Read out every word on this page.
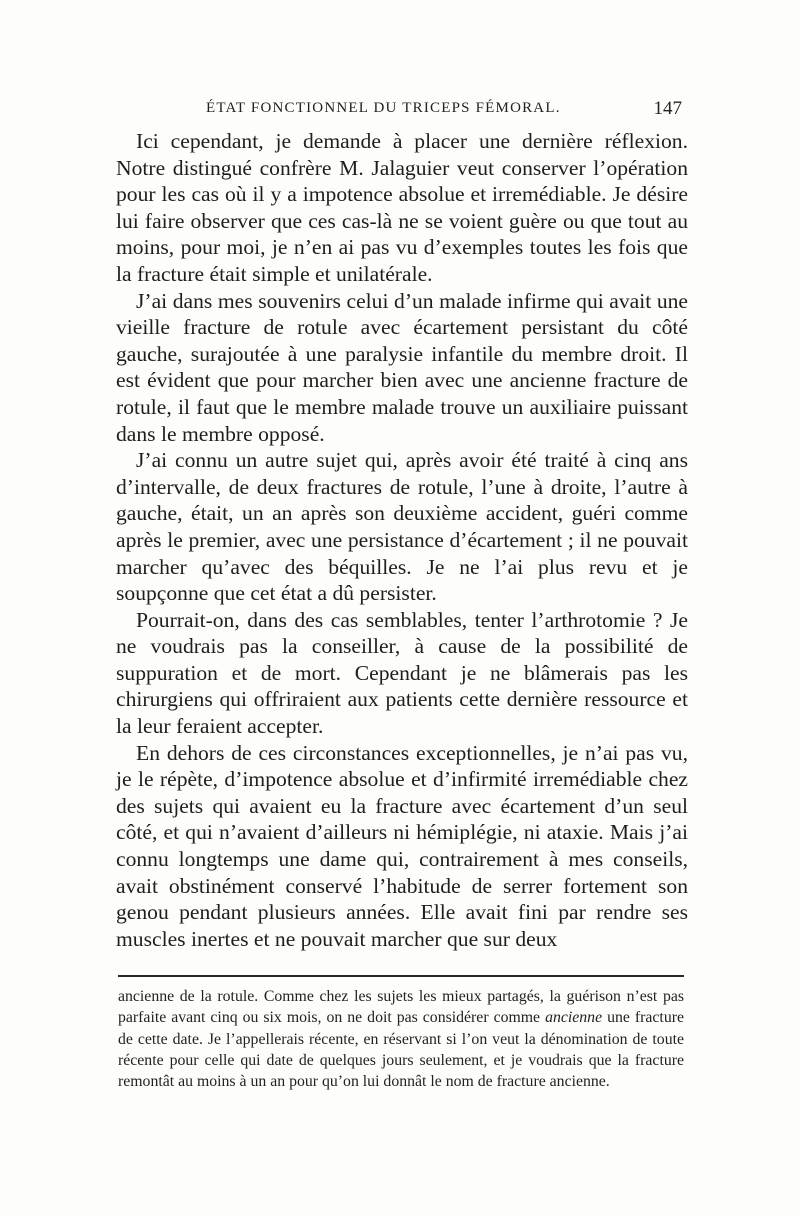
ÉTAT FONCTIONNEL DU TRICEPS FÉMORAL.	147

Ici cependant, je demande à placer une dernière réflexion. Notre distingué confrère M. Jalaguier veut conserver l’opération pour les cas où il y a impotence absolue et irremédiable. Je désire lui faire observer que ces cas-là ne se voient guère ou que tout au moins, pour moi, je n’en ai pas vu d’exemples toutes les fois que la fracture était simple et unilatérale.

J’ai dans mes souvenirs celui d’un malade infirme qui avait une vieille fracture de rotule avec écartement persistant du côté gauche, surajoutée à une paralysie infantile du membre droit. Il est évident que pour marcher bien avec une ancienne fracture de rotule, il faut que le membre malade trouve un auxiliaire puissant dans le membre opposé.

J’ai connu un autre sujet qui, après avoir été traité à cinq ans d’intervalle, de deux fractures de rotule, l’une à droite, l’autre à gauche, était, un an après son deuxième accident, guéri comme après le premier, avec une persistance d’écartement ; il ne pouvait marcher qu’avec des béquilles. Je ne l’ai plus revu et je soupçonne que cet état a dû persister.

Pourrait-on, dans des cas semblables, tenter l’arthrotomie ? Je ne voudrais pas la conseiller, à cause de la possibilité de suppuration et de mort. Cependant je ne blâmerais pas les chirurgiens qui offriraient aux patients cette dernière ressource et la leur feraient accepter.

En dehors de ces circonstances exceptionnelles, je n’ai pas vu, je le répète, d’impotence absolue et d’infirmité irremédiable chez des sujets qui avaient eu la fracture avec écartement d’un seul côté, et qui n’avaient d’ailleurs ni hémiplégie, ni ataxie. Mais j’ai connu longtemps une dame qui, contrairement à mes conseils, avait obstinément conservé l’habitude de serrer fortement son genou pendant plusieurs années. Elle avait fini par rendre ses muscles inertes et ne pouvait marcher que sur deux

ancienne de la rotule. Comme chez les sujets les mieux partagés, la guérison n’est pas parfaite avant cinq ou six mois, on ne doit pas considérer comme ancienne une fracture de cette date. Je l’appellerais récente, en réservant si l’on veut la dénomination de toute récente pour celle qui date de quelques jours seulement, et je voudrais que la fracture remontât au moins à un an pour qu’on lui donnât le nom de fracture ancienne.
